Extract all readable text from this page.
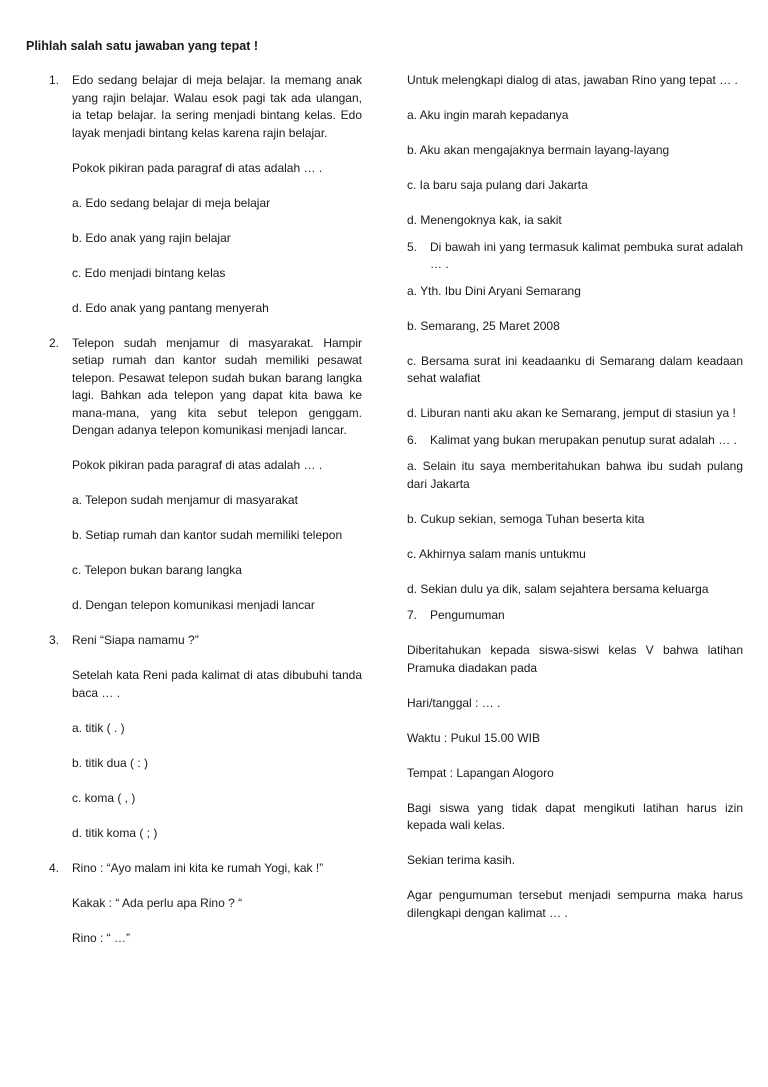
Plihlah salah satu jawaban yang tepat !
1. Edo sedang belajar di meja belajar. Ia memang anak yang rajin belajar. Walau esok pagi tak ada ulangan, ia tetap belajar. Ia sering menjadi bintang kelas. Edo layak menjadi bintang kelas karena rajin belajar.
Pokok pikiran pada paragraf di atas adalah … .
a. Edo sedang belajar di meja belajar
b. Edo anak yang rajin belajar
c. Edo menjadi bintang kelas
d. Edo anak yang pantang menyerah
2. Telepon sudah menjamur di masyarakat. Hampir setiap rumah dan kantor sudah memiliki pesawat telepon. Pesawat telepon sudah bukan barang langka lagi. Bahkan ada telepon yang dapat kita bawa ke mana-mana, yang kita sebut telepon genggam. Dengan adanya telepon komunikasi menjadi lancar.
Pokok pikiran pada paragraf di atas adalah … .
a. Telepon sudah menjamur di masyarakat
b. Setiap rumah dan kantor sudah memiliki telepon
c. Telepon bukan barang langka
d. Dengan telepon komunikasi menjadi lancar
3. Reni “Siapa namamu ?”
Setelah kata Reni pada kalimat di atas dibubuhi tanda baca … .
a. titik ( . )
b. titik dua ( : )
c. koma ( , )
d. titik koma ( ; )
4. Rino : “Ayo malam ini kita ke rumah Yogi, kak !”
Kakak : “ Ada perlu apa Rino ? “
Rino : “ …”
Untuk melengkapi dialog di atas, jawaban Rino yang tepat … .
a. Aku ingin marah kepadanya
b. Aku akan mengajaknya bermain layang-layang
c. Ia baru saja pulang dari Jakarta
d. Menengoknya kak, ia sakit
5. Di bawah ini yang termasuk kalimat pembuka surat adalah … .
a. Yth. Ibu Dini Aryani Semarang
b. Semarang, 25 Maret 2008
c. Bersama surat ini keadaanku di Semarang dalam keadaan sehat walafiat
d. Liburan nanti aku akan ke Semarang, jemput di stasiun ya !
6. Kalimat yang bukan merupakan penutup surat adalah … .
a. Selain itu saya memberitahukan bahwa ibu sudah pulang dari Jakarta
b. Cukup sekian, semoga Tuhan beserta kita
c. Akhirnya salam manis untukmu
d. Sekian dulu ya dik, salam sejahtera bersama keluarga
7. Pengumuman
Diberitahukan kepada siswa-siswi kelas V bahwa latihan Pramuka diadakan pada
Hari/tanggal : … .
Waktu : Pukul 15.00 WIB
Tempat : Lapangan Alogoro
Bagi siswa yang tidak dapat mengikuti latihan harus izin kepada wali kelas.
Sekian terima kasih.
Agar pengumuman tersebut menjadi sempurna maka harus dilengkapi dengan kalimat … .
